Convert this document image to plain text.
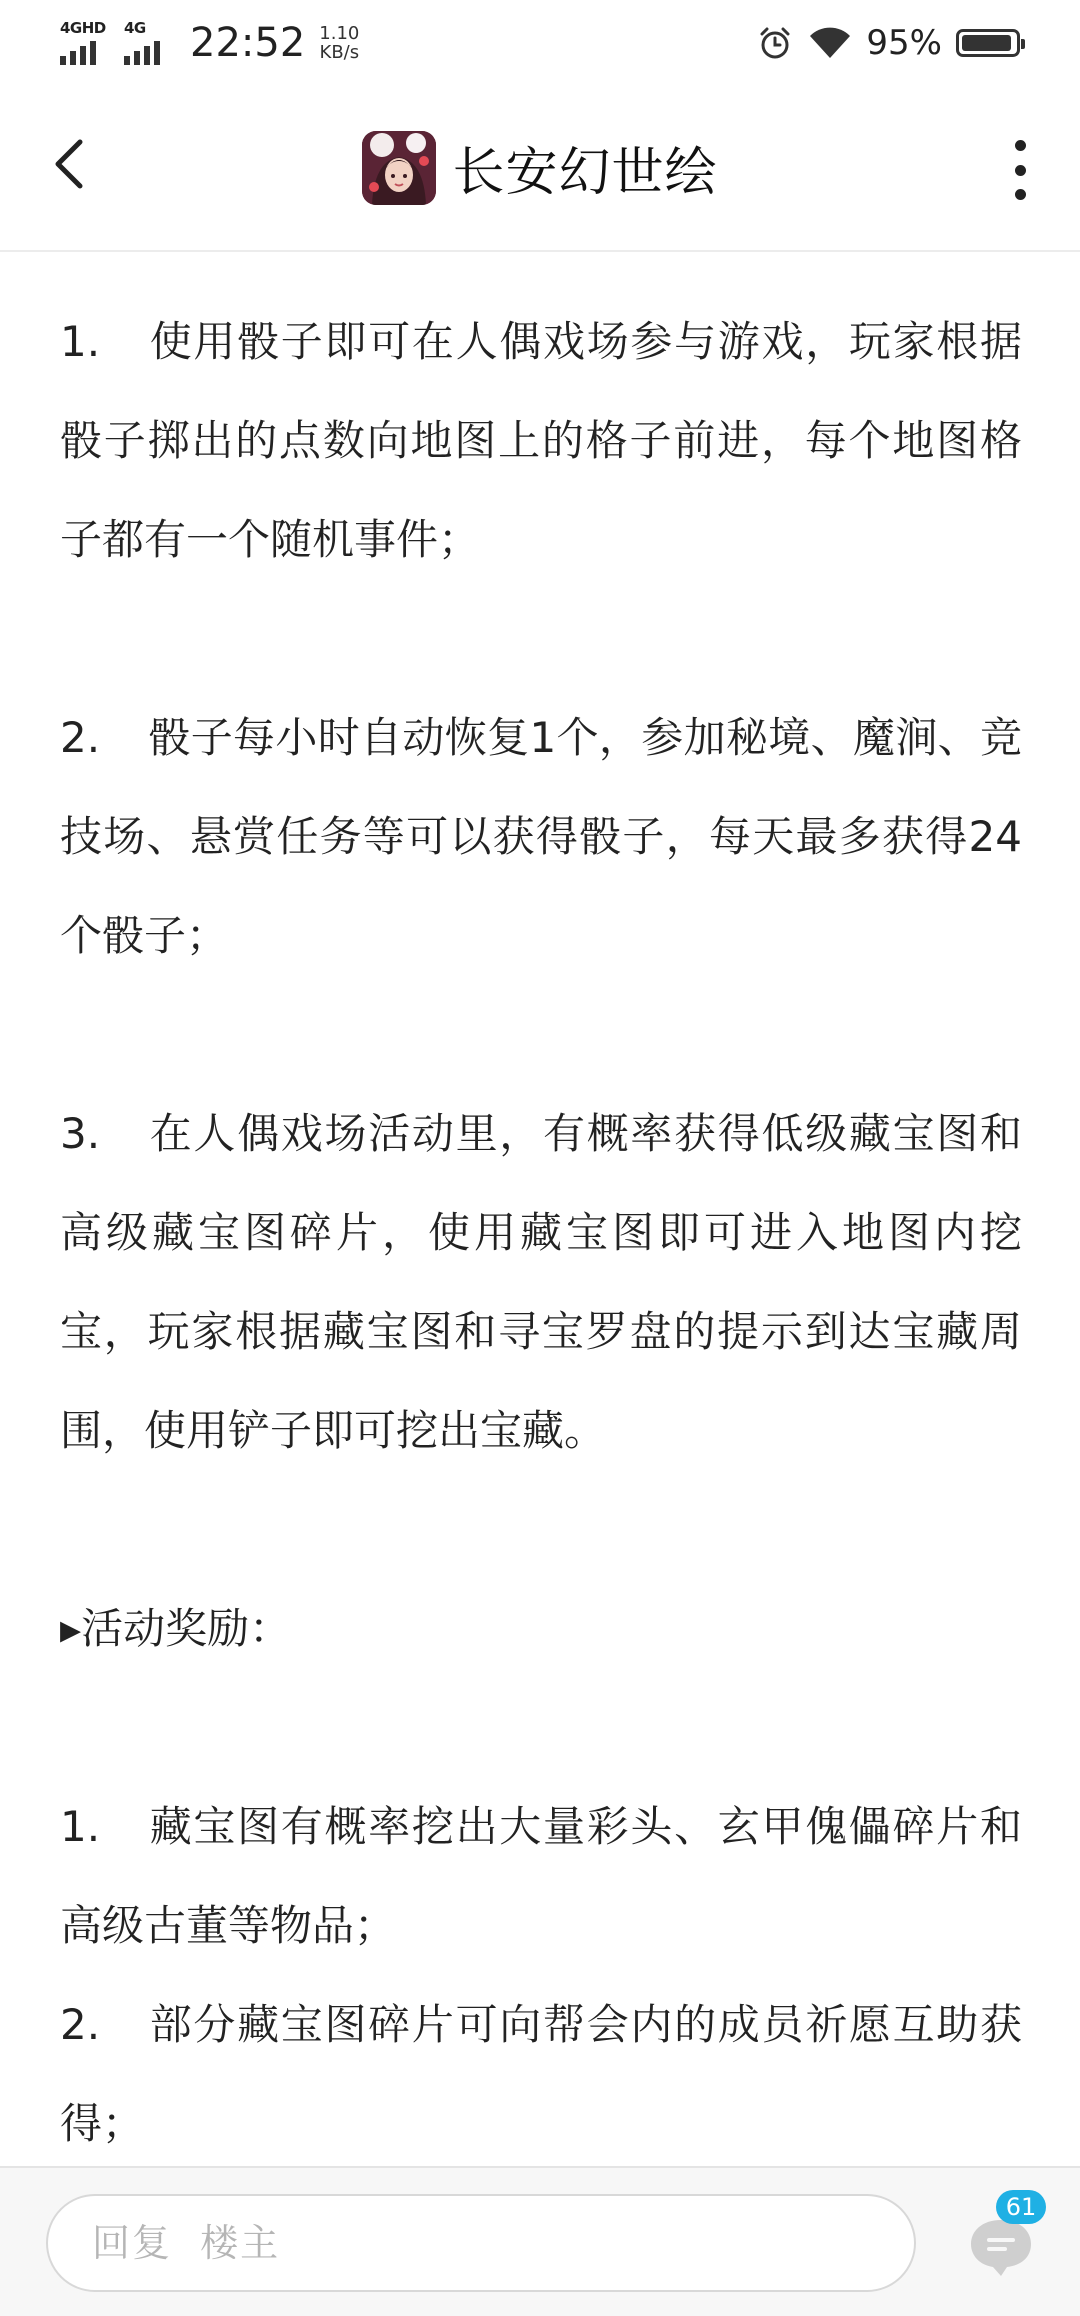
4GHD 4G 22:52 1.10
KB/s	95%
长安幻世绘

1. 使用骰子即可在人偶戏场参与游戏，玩家根据骰子掷出的点数向地图上的格子前进，每个地图格子都有一个随机事件；

2. 骰子每小时自动恢复1个，参加秘境、魔涧、竞技场、悬赏任务等可以获得骰子，每天最多获得24个骰子；

3. 在人偶戏场活动里，有概率获得低级藏宝图和高级藏宝图碎片，使用藏宝图即可进入地图内挖宝，玩家根据藏宝图和寻宝罗盘的提示到达宝藏周围，使用铲子即可挖出宝藏。

▸活动奖励：

1. 藏宝图有概率挖出大量彩头、玄甲傀儡碎片和高级古董等物品；

2. 部分藏宝图碎片可向帮会内的成员祈愿互助获得；

回复 楼主
61
